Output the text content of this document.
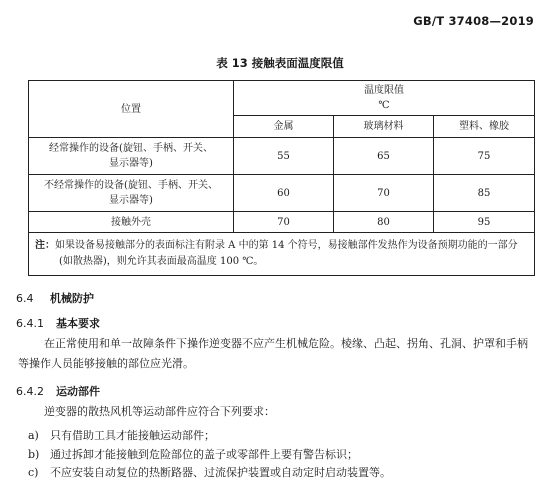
GB/T 37408—2019
表 13 接触表面温度限值
位置	温度限值
℃		

	金属	玻璃材料	塑料、橡胶

经常操作的设备(旋钮、手柄、开关、
显示器等)	55	65	75

不经常操作的设备(旋钮、手柄、开关、
显示器等)	60	70	85
接触外壳	70	80	95

注：如果设备易接触部分的表面标注有附录 A 中的第 14 个符号，易接触部件发热作为设备预期功能的一部分
(如散热器)，则允许其表面最高温度 100 ℃。			
6.4 机械防护
6.4.1 基本要求
在正常使用和单一故障条件下操作逆变器不应产生机械危险。棱缘、凸起、拐角、孔洞、护罩和手柄
等操作人员能够接触的部位应光滑。
6.4.2 运动部件
逆变器的散热风机等运动部件应符合下列要求：
a) 只有借助工具才能接触运动部件；
b) 通过拆卸才能接触到危险部位的盖子或零部件上要有警告标识；
c) 不应安装自动复位的热断路器、过流保护装置或自动定时启动装置等。
